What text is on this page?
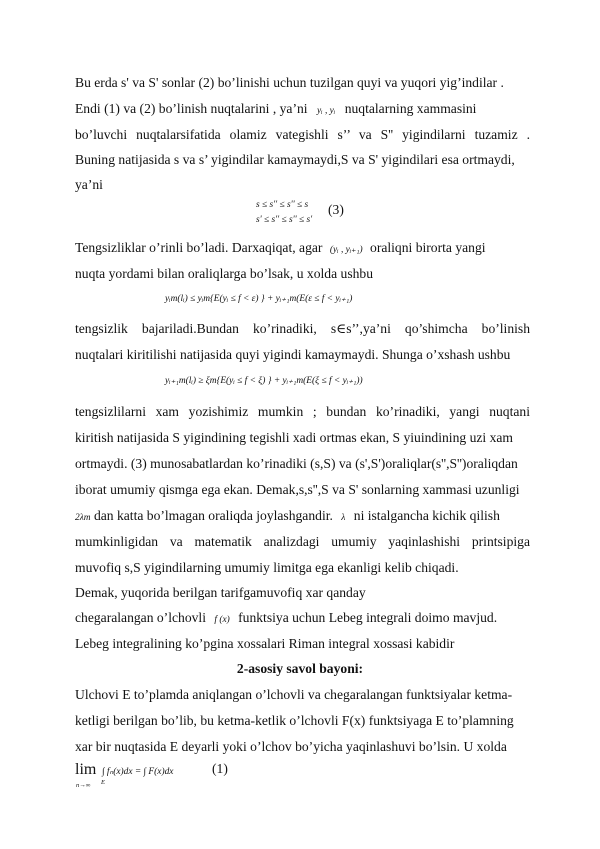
Bu erda s' va S' sonlar (2) bo’linishi uchun tuzilgan quyi va yuqori yig’indilar .
Endi (1) va (2) bo’linish nuqtalarini , ya’ni yᵢ , yᵢ nuqtalarning xammasini
bo’luvchi nuqtalarsifatida olamiz vategishli s’’ va S'' yigindilarni tuzamiz .
Buning natijasida s va s’ yigindilar kamaymaydi,S va S' yigindilari esa ortmaydi,
ya’ni
s ≤ s'' ≤ s'' ≤ s
s' ≤ s'' ≤ s'' ≤ s'
(3)
Tengsizliklar o’rinli bo’ladi. Darxaqiqat, agar (yᵢ , yᵢ₊₁) oraliqni birorta yangi
nuqta yordami bilan oraliqlarga bo’lsak, u xolda ushbu
yᵢm(lᵢ) ≤ yᵢm{E(yᵢ ≤ f < ε) } + yᵢ₊₁m(E(ε ≤ f < yᵢ₊₁)
tengsizlik bajariladi.Bundan ko’rinadiki, s∈s’’,ya’ni qo’shimcha bo’linish
nuqtalari kiritilishi natijasida quyi yigindi kamaymaydi. Shunga o’xshash ushbu
yᵢ₊₁m(lᵢ) ≥ ξm{E(yᵢ ≤ f < ξ) } + yᵢ₊₁m(E(ξ ≤ f < yᵢ₊₁))
tengsizlilarni xam yozishimiz mumkin ; bundan ko’rinadiki, yangi nuqtani
kiritish natijasida S yigindining tegishli xadi ortmas ekan, S yiuindining uzi xam
ortmaydi. (3) munosabatlardan ko’rinadiki (s,S) va (s',S')oraliqlar(s'',S'')oraliqdan
iborat umumiy qismga ega ekan. Demak,s,s'',S va S' sonlarning xammasi uzunligi
2λm dan katta bo’lmagan oraliqda joylashgandir. λ ni istalgancha kichik qilish
mumkinligidan va matematik analizdagi umumiy yaqinlashishi printsipiga
muvofiq s,S yigindilarning umumiy limitga ega ekanligi kelib chiqadi.
Demak, yuqorida berilgan tarifgamuvofiq xar qanday
chegaralangan o’lchovli f (x) funktsiya uchun Lebeg integrali doimo mavjud.
Lebeg integralining ko’pgina xossalari Riman integral xossasi kabidir
2-asosiy savol bayoni:
Ulchovi E to’plamda aniqlangan o’lchovli va chegaralangan funktsiyalar ketma-
ketligi berilgan bo’lib, bu ketma-ketlik o’lchovli F(x) funktsiyaga E to’plamning
xar bir nuqtasida E deyarli yoki o’lchov bo’yicha yaqinlashuvi bo’lsin. U xolda
lim
n→∞
∫ fₙ(x)dx = ∫ F(x)dx
E
(1)
